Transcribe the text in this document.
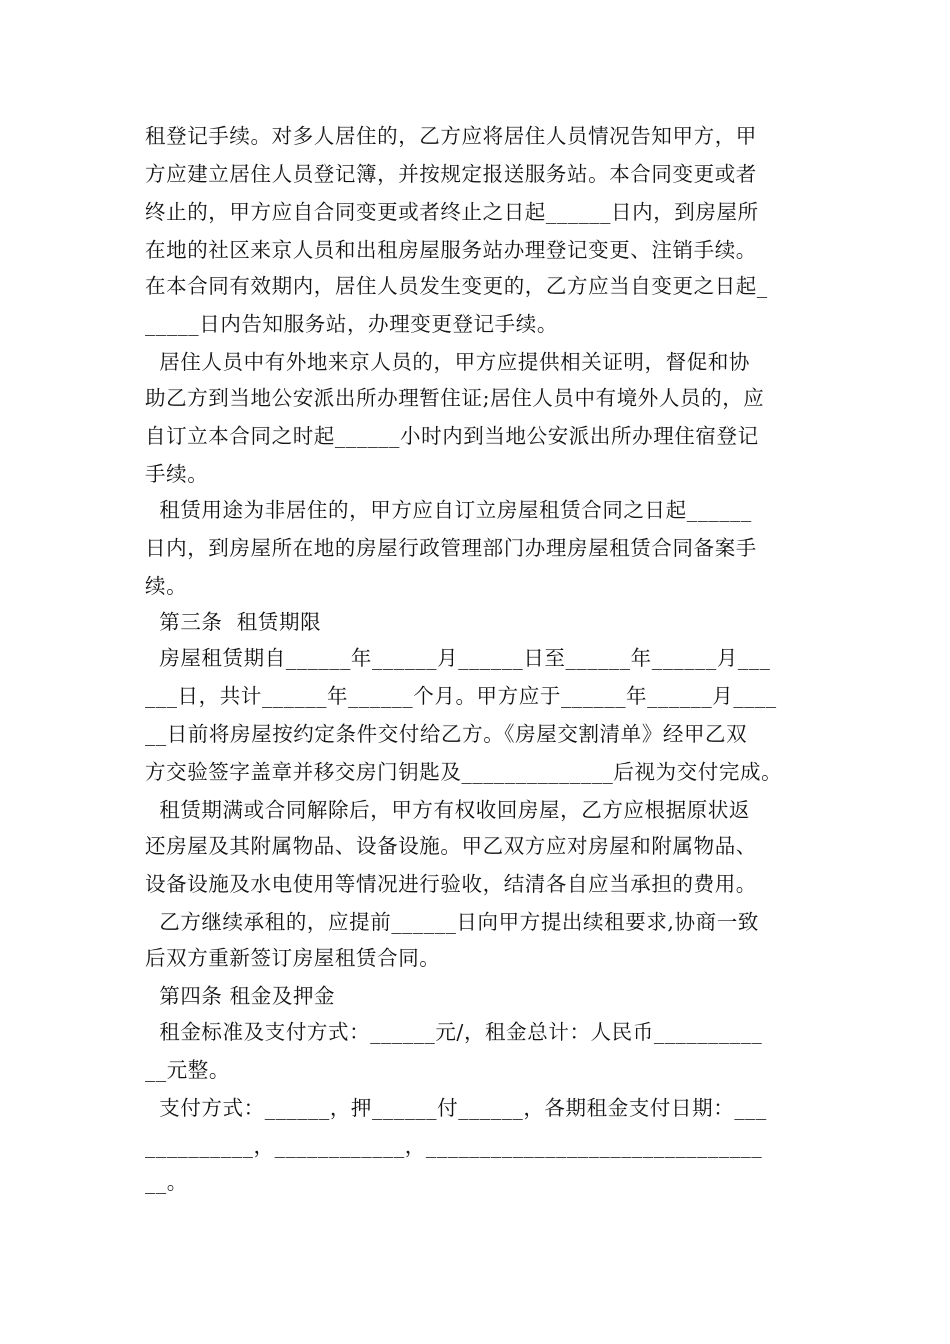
租登记手续。对多人居住的，乙方应将居住人员情况告知甲方，甲
方应建立居住人员登记簿，并按规定报送服务站。本合同变更或者
终止的，甲方应自合同变更或者终止之日起______日内，到房屋所
在地的社区来京人员和出租房屋服务站办理登记变更、注销手续。
在本合同有效期内，居住人员发生变更的，乙方应当自变更之日起_
_____日内告知服务站，办理变更登记手续。
居住人员中有外地来京人员的，甲方应提供相关证明，督促和协
助乙方到当地公安派出所办理暂住证;居住人员中有境外人员的，应
自订立本合同之时起______小时内到当地公安派出所办理住宿登记
手续。
租赁用途为非居住的，甲方应自订立房屋租赁合同之日起______
日内，到房屋所在地的房屋行政管理部门办理房屋租赁合同备案手
续。
第三条  租赁期限
房屋租赁期自______年______月______日至______年______月___
___日，共计______年______个月。甲方应于______年______月____
__日前将房屋按约定条件交付给乙方。《房屋交割清单》经甲乙双
方交验签字盖章并移交房门钥匙及______________后视为交付完成。
租赁期满或合同解除后，甲方有权收回房屋，乙方应根据原状返
还房屋及其附属物品、设备设施。甲乙双方应对房屋和附属物品、
设备设施及水电使用等情况进行验收，结清各自应当承担的费用。
乙方继续承租的，应提前______日向甲方提出续租要求,协商一致
后双方重新签订房屋租赁合同。
第四条 租金及押金
租金标准及支付方式：______元/，租金总计：人民币__________
__元整。
支付方式：______，押______付______，各期租金支付日期：___
__________，____________，_______________________________
__。
